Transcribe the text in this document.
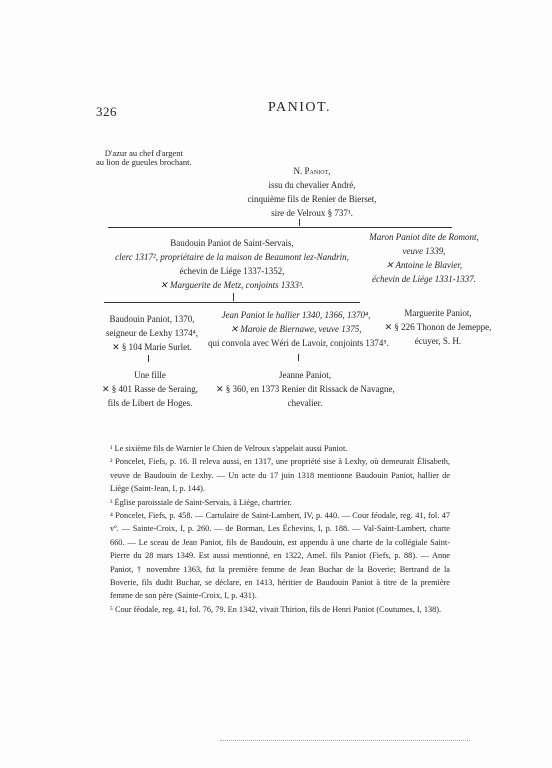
326	PANIOT.
D'azur au chef d'argent
au lion de gueules brochant.
N. Paniot,
issu du chevalier André,
cinquième fils de Renier de Bierset,
sire de Velroux § 737¹.
Baudouin Paniot de Saint-Servais,
clerc 1317², propriétaire de la maison de Beaumont lez-Nandrin,
échevin de Liége 1337-1352,
✕ Marguerite de Metz, conjoints 1333³.
Maron Paniot dite de Romont,
veuve 1339,
✕ Antoine le Blavier,
échevin de Liége 1331-1337.
Baudouin Paniot, 1370,
seigneur de Lexhy 1374⁴,
✕ § 104 Marie Surlet.
Jean Paniot le hallier 1340, 1366, 1370⁴,
✕ Maroie de Biernawe, veuve 1375,
qui convola avec Wéri de Lavoir, conjoints 1374⁵.
Marguerite Paniot,
✕ § 226 Thonon de Jemeppe,
écuyer, S. H.
Une fille
✕ § 401 Rasse de Seraing,
fils de Libert de Hoges.
Jeanne Paniot,
✕ § 360, en 1373 Renier dit Rissack de Navagne,
chevalier.

¹ Le sixième fils de Warnier le Chien de Velroux s'appelait aussi Paniot.

² Poncelet, Fiefs, p. 16. Il releva aussi, en 1317, une propriété sise à Lexhy, où demeurait Élisabeth, veuve de Baudouin de Lexhy. — Un acte du 17 juin 1318 mentionne Baudouin Paniot, hallier de Liége (Saint-Jean, I, p. 144).

³ Église paroissiale de Saint-Servais, à Liége, chartrier.

⁴ Poncelet, Fiefs, p. 458. — Cartulaire de Saint-Lambert, IV, p. 440. — Cour féodale, reg. 41, fol. 47 vº. — Sainte-Croix, I, p. 260. — de Borman, Les Échevins, I, p. 188. — Val-Saint-Lambert, charte 660. — Le sceau de Jean Paniot, fils de Baudouin, est appendu à une charte de la collégiale Saint-Pierre du 28 mars 1349. Est aussi mentionné, en 1322, Amel. fils Paniot (Fiefs, p. 88). — Anne Paniot, † novembre 1363, fut la première femme de Jean Buchar de la Boverie; Bertrand de la Boverie, fils dudit Buchar, se déclare, en 1413, héritier de Baudouin Paniot à titre de la première femme de son père (Sainte-Croix, I, p. 431).

⁵ Cour féodale, reg. 41, fol. 76, 79. En 1342, vivait Thirion, fils de Henri Paniot (Coutumes, I, 138).
